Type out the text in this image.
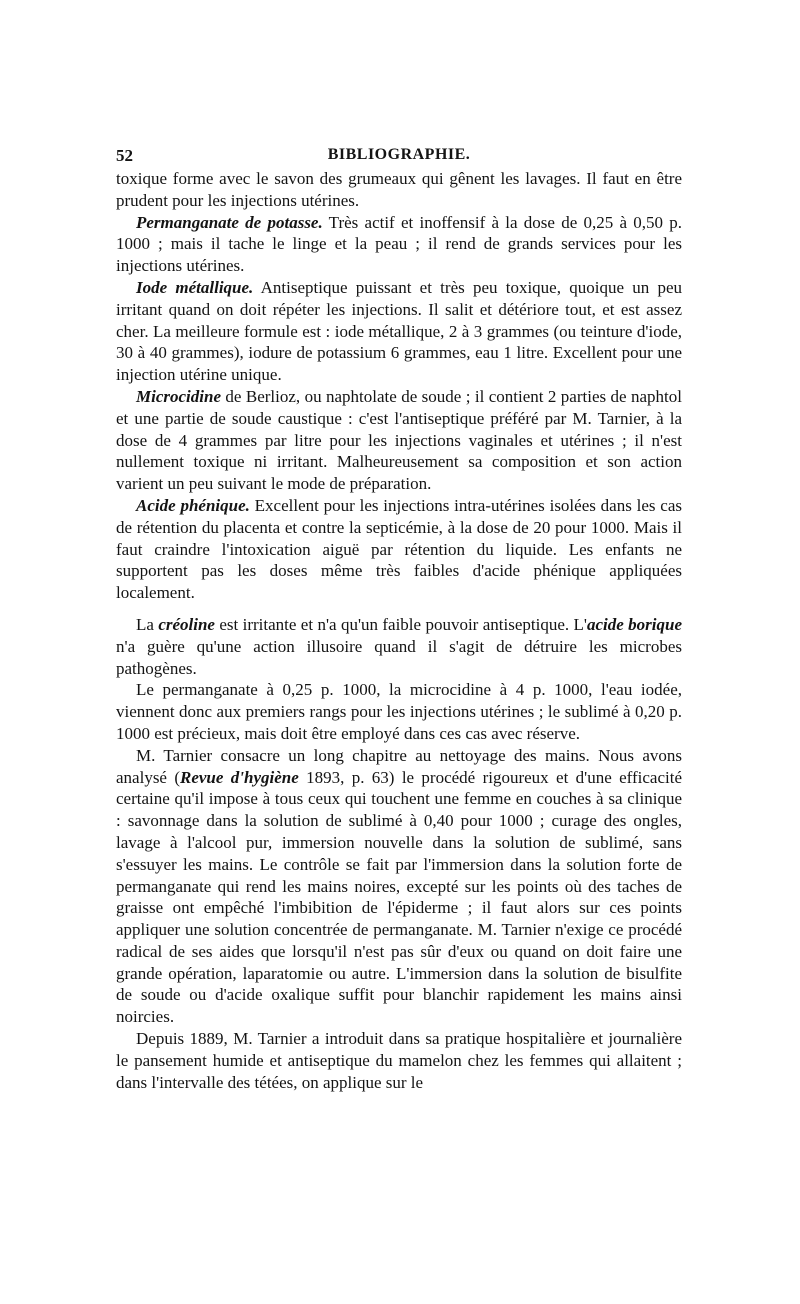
52	BIBLIOGRAPHIE.

toxique forme avec le savon des grumeaux qui gênent les lavages. Il faut en être prudent pour les injections utérines.

Permanganate de potasse. Très actif et inoffensif à la dose de 0,25 à 0,50 p. 1000 ; mais il tache le linge et la peau ; il rend de grands services pour les injections utérines.

Iode métallique. Antiseptique puissant et très peu toxique, quoique un peu irritant quand on doit répéter les injections. Il salit et détériore tout, et est assez cher. La meilleure formule est : iode métallique, 2 à 3 grammes (ou teinture d'iode, 30 à 40 grammes), iodure de potassium 6 grammes, eau 1 litre. Excellent pour une injection utérine unique.

Microcidine de Berlioz, ou naphtolate de soude ; il contient 2 parties de naphtol et une partie de soude caustique : c'est l'antiseptique préféré par M. Tarnier, à la dose de 4 grammes par litre pour les injections vaginales et utérines ; il n'est nullement toxique ni irritant. Malheureusement sa composition et son action varient un peu suivant le mode de préparation.

Acide phénique. Excellent pour les injections intra-utérines isolées dans les cas de rétention du placenta et contre la septicémie, à la dose de 20 pour 1000. Mais il faut craindre l'intoxication aiguë par rétention du liquide. Les enfants ne supportent pas les doses même très faibles d'acide phénique appliquées localement.

La créoline est irritante et n'a qu'un faible pouvoir antiseptique. L'acide borique n'a guère qu'une action illusoire quand il s'agit de détruire les microbes pathogènes.

Le permanganate à 0,25 p. 1000, la microcidine à 4 p. 1000, l'eau iodée, viennent donc aux premiers rangs pour les injections utérines ; le sublimé à 0,20 p. 1000 est précieux, mais doit être employé dans ces cas avec réserve.

M. Tarnier consacre un long chapitre au nettoyage des mains. Nous avons analysé (Revue d'hygiène 1893, p. 63) le procédé rigoureux et d'une efficacité certaine qu'il impose à tous ceux qui touchent une femme en couches à sa clinique : savonnage dans la solution de sublimé à 0,40 pour 1000 ; curage des ongles, lavage à l'alcool pur, immersion nouvelle dans la solution de sublimé, sans s'essuyer les mains. Le contrôle se fait par l'immersion dans la solution forte de permanganate qui rend les mains noires, excepté sur les points où des taches de graisse ont empêché l'imbibition de l'épiderme ; il faut alors sur ces points appliquer une solution concentrée de permanganate. M. Tarnier n'exige ce procédé radical de ses aides que lorsqu'il n'est pas sûr d'eux ou quand on doit faire une grande opération, laparatomie ou autre. L'immersion dans la solution de bisulfite de soude ou d'acide oxalique suffit pour blanchir rapidement les mains ainsi noircies.

Depuis 1889, M. Tarnier a introduit dans sa pratique hospitalière et journalière le pansement humide et antiseptique du mamelon chez les femmes qui allaitent ; dans l'intervalle des tétées, on applique sur le
